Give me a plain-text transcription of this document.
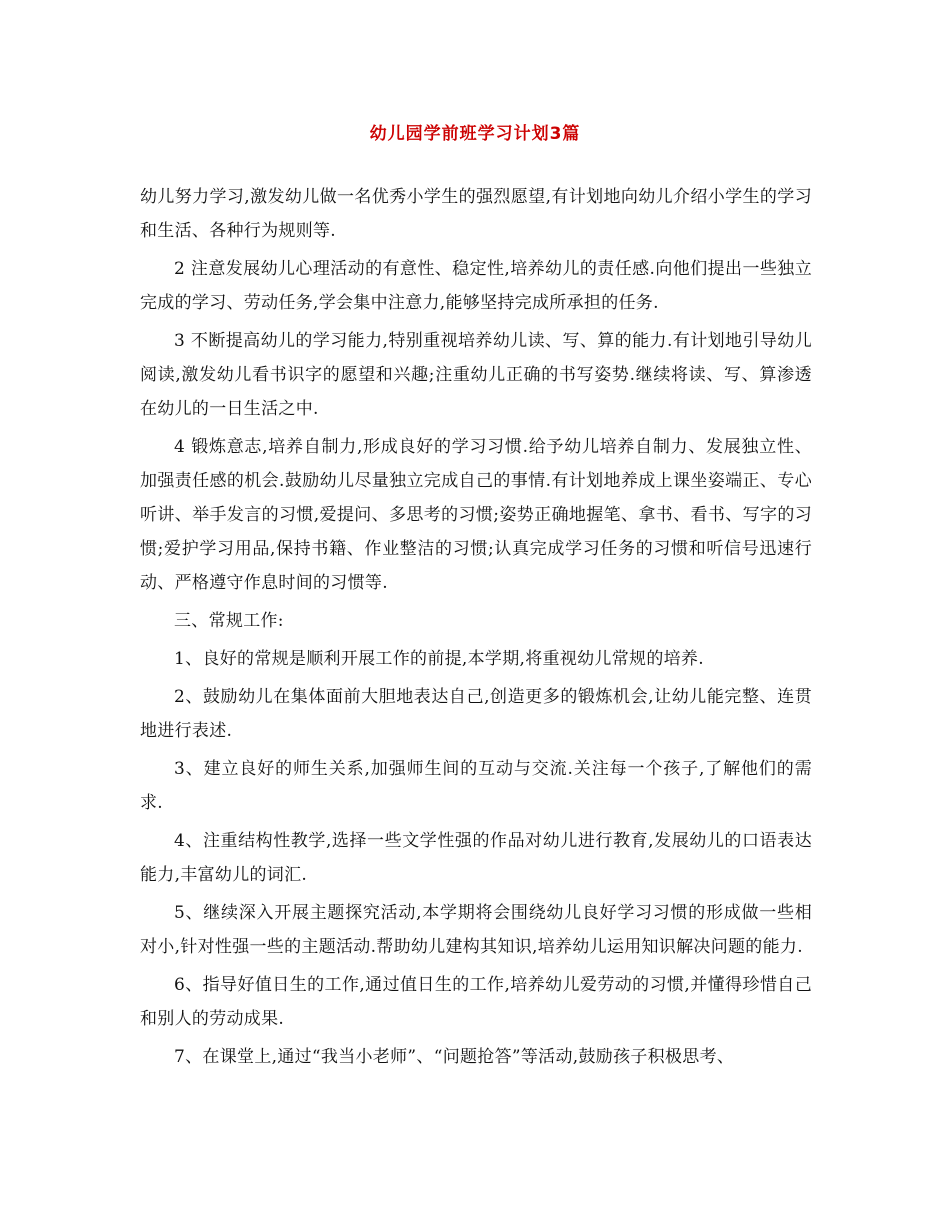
幼儿园学前班学习计划3篇

幼儿努力学习,激发幼儿做一名优秀小学生的强烈愿望,有计划地向幼儿介绍小学生的学习和生活、各种行为规则等.

2 注意发展幼儿心理活动的有意性、稳定性,培养幼儿的责任感.向他们提出一些独立完成的学习、劳动任务,学会集中注意力,能够坚持完成所承担的任务.

3 不断提高幼儿的学习能力,特别重视培养幼儿读、写、算的能力.有计划地引导幼儿阅读,激发幼儿看书识字的愿望和兴趣;注重幼儿正确的书写姿势.继续将读、写、算渗透在幼儿的一日生活之中.

4 锻炼意志,培养自制力,形成良好的学习习惯.给予幼儿培养自制力、发展独立性、加强责任感的机会.鼓励幼儿尽量独立完成自己的事情.有计划地养成上课坐姿端正、专心听讲、举手发言的习惯,爱提问、多思考的习惯;姿势正确地握笔、拿书、看书、写字的习惯;爱护学习用品,保持书籍、作业整洁的习惯;认真完成学习任务的习惯和听信号迅速行动、严格遵守作息时间的习惯等.

三、常规工作:

1、良好的常规是顺利开展工作的前提,本学期,将重视幼儿常规的培养.

2、鼓励幼儿在集体面前大胆地表达自己,创造更多的锻炼机会,让幼儿能完整、连贯地进行表述.

3、建立良好的师生关系,加强师生间的互动与交流.关注每一个孩子,了解他们的需求.

4、注重结构性教学,选择一些文学性强的作品对幼儿进行教育,发展幼儿的口语表达能力,丰富幼儿的词汇.

5、继续深入开展主题探究活动,本学期将会围绕幼儿良好学习习惯的形成做一些相对小,针对性强一些的主题活动.帮助幼儿建构其知识,培养幼儿运用知识解决问题的能力.

6、指导好值日生的工作,通过值日生的工作,培养幼儿爱劳动的习惯,并懂得珍惜自己和别人的劳动成果.

7、在课堂上,通过“我当小老师”、“问题抢答”等活动,鼓励孩子积极思考、
